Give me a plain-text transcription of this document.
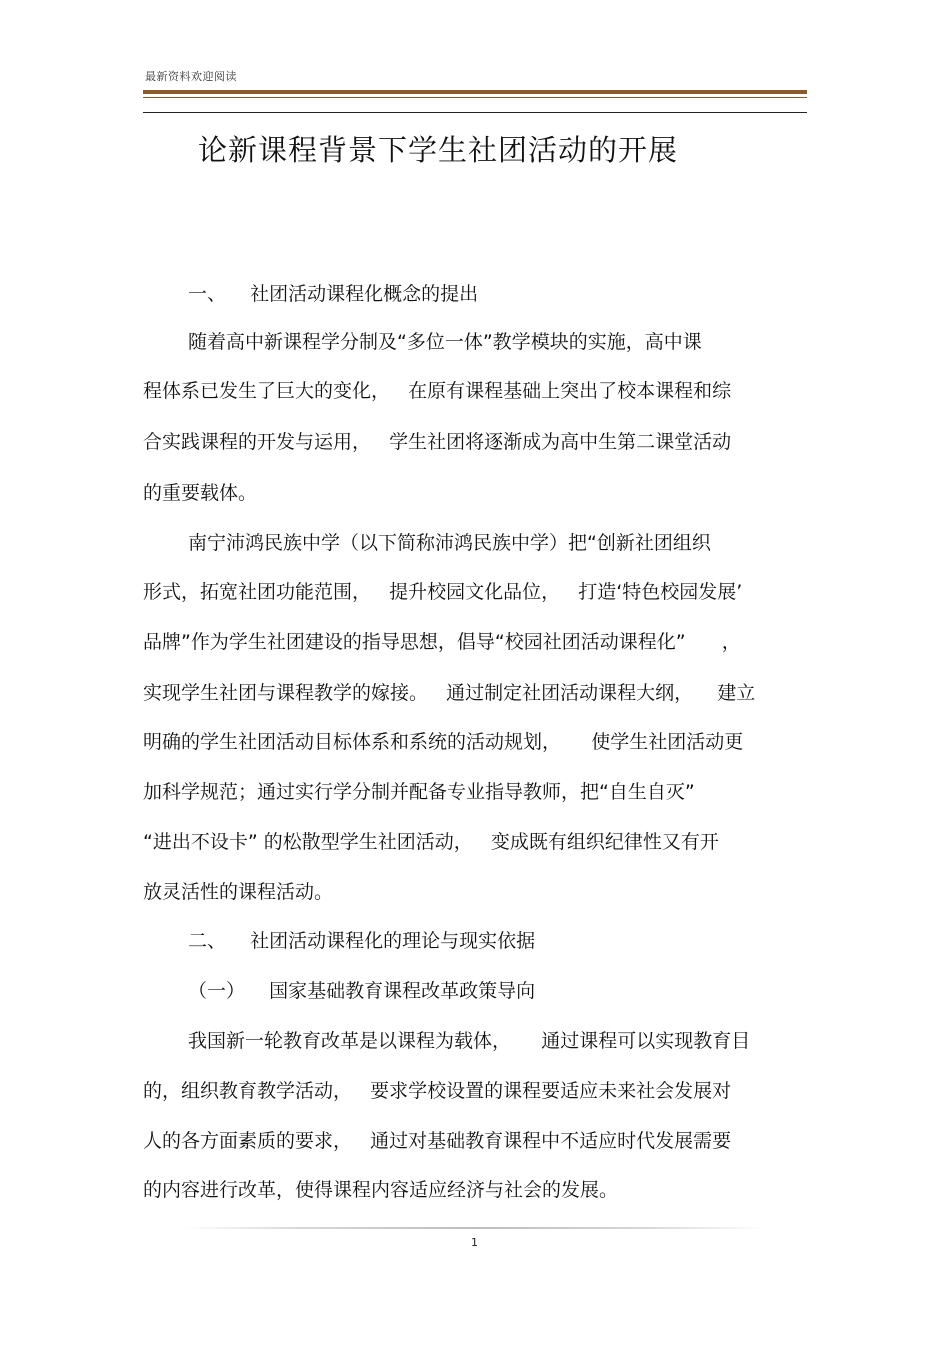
最新资料欢迎阅读
论新课程背景下学生社团活动的开展
一、    社团活动课程化概念的提出
随着高中新课程学分制及“多位一体”教学模块的实施，高中课
程体系已发生了巨大的变化，   在原有课程基础上突出了校本课程和综
合实践课程的开发与运用，   学生社团将逐渐成为高中生第二课堂活动
的重要载体。
南宁沛鸿民族中学（以下简称沛鸿民族中学）把“创新社团组织
形式，拓宽社团功能范围，   提升校园文化品位，   打造‘特色校园发展’
品牌”作为学生社团建设的指导思想，倡导“校园社团活动课程化”      ，
实现学生社团与课程教学的嫁接。   通过制定社团活动课程大纲，    建立
明确的学生社团活动目标体系和系统的活动规划，     使学生社团活动更
加科学规范；通过实行学分制并配备专业指导教师，把“自生自灭”
“进出不设卡” 的松散型学生社团活动，   变成既有组织纪律性又有开
放灵活性的课程活动。
二、    社团活动课程化的理论与现实依据
（一）    国家基础教育课程改革政策导向
我国新一轮教育改革是以课程为载体，     通过课程可以实现教育目
的，组织教育教学活动，   要求学校设置的课程要适应未来社会发展对
人的各方面素质的要求，   通过对基础教育课程中不适应时代发展需要
的内容进行改革，使得课程内容适应经济与社会的发展。
1
